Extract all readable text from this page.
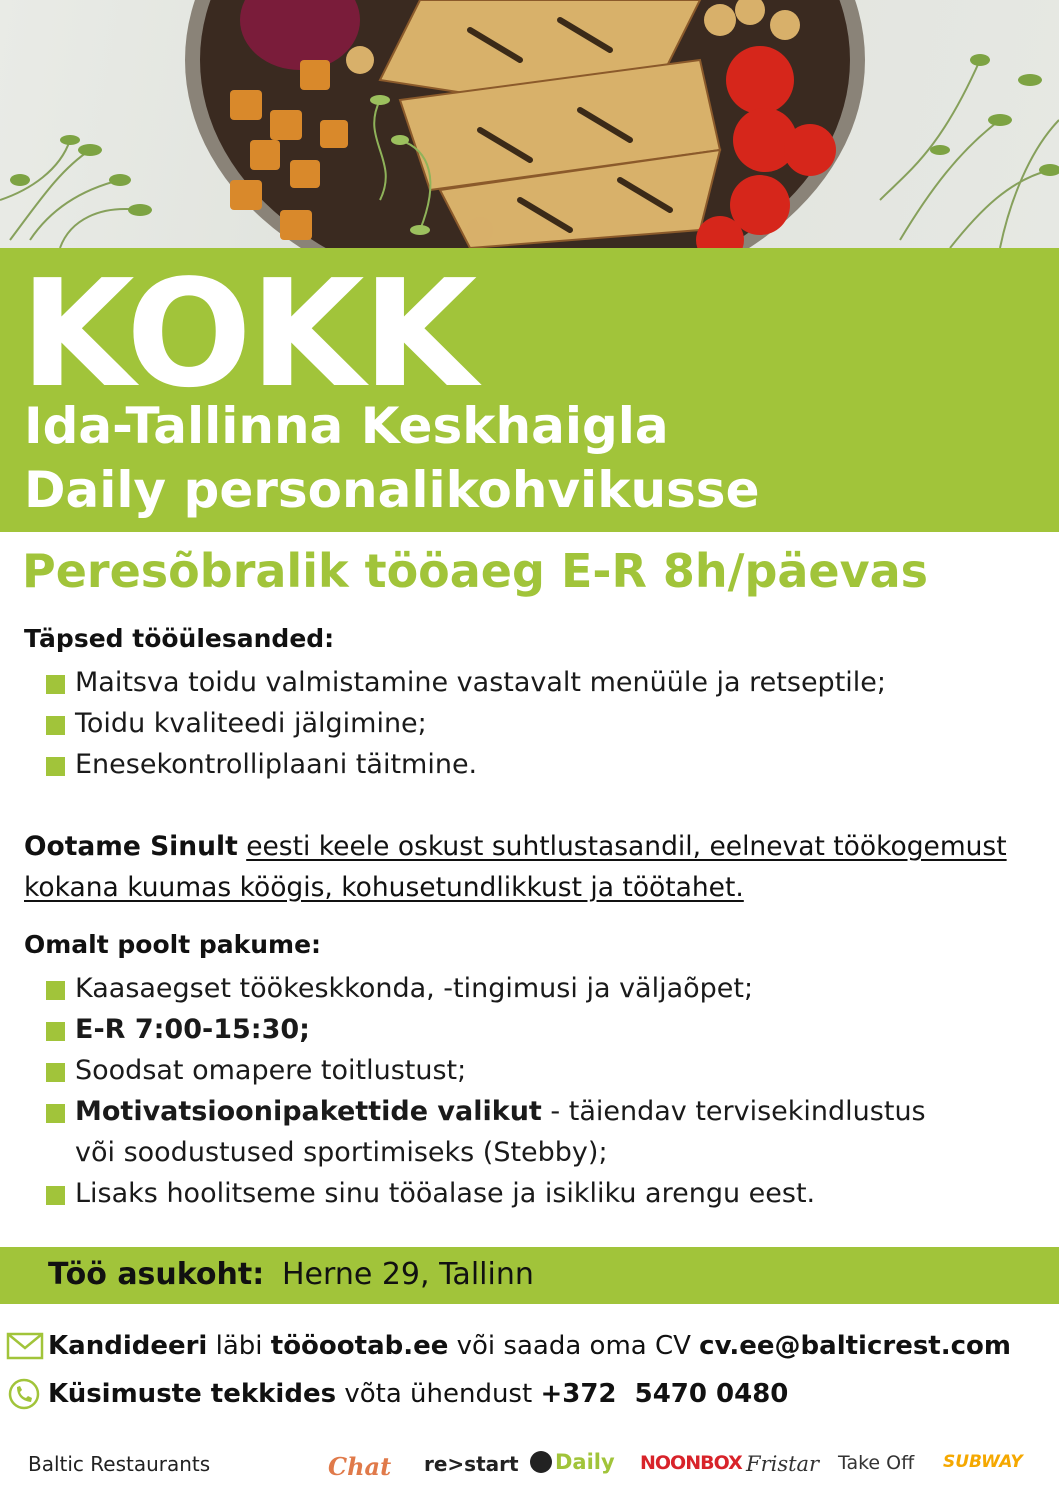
KOKK

Ida-Tallinna Keskhaigla

Daily personalikohvikusse

Peresõbralik tööaeg E-R 8h/päevas

Täpsed tööülesanded:

Maitsva toidu valmistamine vastavalt menüüle ja retseptile;
Toidu kvaliteedi jälgimine;
Enesekontrolliplaani täitmine.

Ootame Sinult eesti keele oskust suhtlustasandil, eelnevat töökogemust kokana kuumas köögis, kohusetundlikkust ja töötahet.

Omalt poolt pakume:

Kaasaegset töökeskkonda, -tingimusi ja väljaõpet;
E-R 7:00-15:30;
Soodsat omapere toitlustust;
Motivatsioonipakettide valikut - täiendav tervisekindlustus või soodustused sportimiseks (Stebby);
Lisaks hoolitseme sinu tööalase ja isikliku arengu eest.
Töö asukoht: Herne 29, Tallinn
Kandideeri läbi tööootab.ee või saada oma CV cv.ee@balticrest.com
Küsimuste tekkides võta ühendust +372  5470 0480
Baltic Restaurants	Chat re>start Daily NOONBOX Fristar Take Off SUBWAY
